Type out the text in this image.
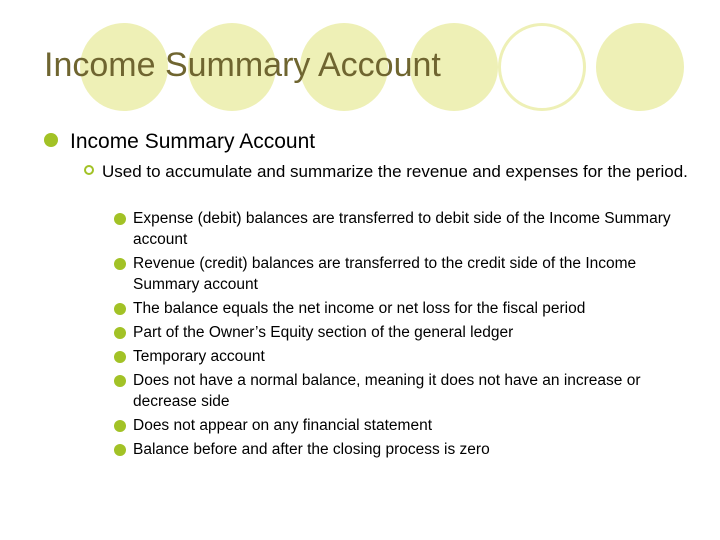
Income Summary Account
Income Summary Account
Used to accumulate and summarize the revenue and expenses for the period.
Expense (debit) balances are transferred to debit side of the Income Summary account
Revenue (credit) balances are transferred to the credit side of the Income Summary account
The balance equals the net income or net loss for the fiscal period
Part of the Owner’s Equity section of the general ledger
Temporary account
Does not have a normal balance, meaning it does not have an increase or decrease side
Does not appear on any financial statement
Balance before and after the closing process is zero
